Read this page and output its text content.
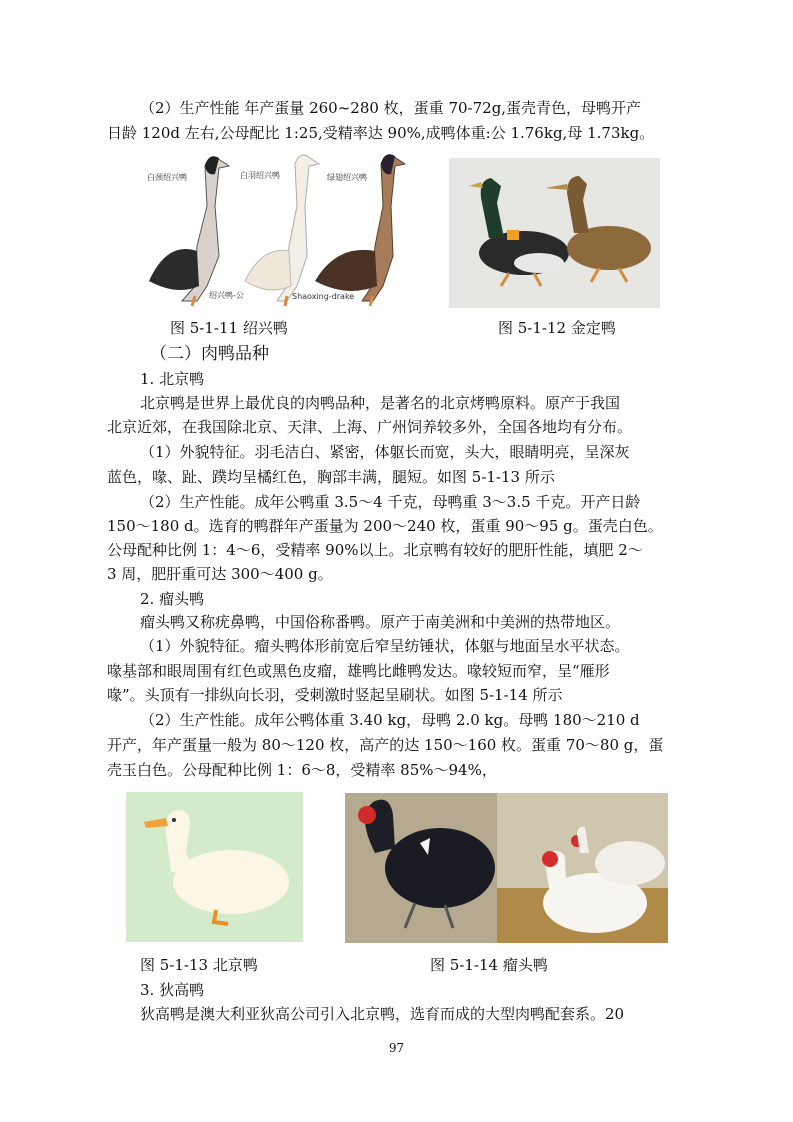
（2）生产性能 年产蛋量 260~280 枚，蛋重 70-72g,蛋壳青色，母鸭开产
日龄 120d 左右,公母配比 1:25,受精率达 90%,成鸭体重:公 1.76kg,母 1.73kg。
白颈绍兴鸭	白羽绍兴鸭	绿翅绍兴鸭
绍兴鸭-公	Shaoxing-drake
图 5-1-11 绍兴鸭	图 5-1-12 金定鸭
（二）肉鸭品种
1. 北京鸭
北京鸭是世界上最优良的肉鸭品种，是著名的北京烤鸭原料。原产于我国
北京近郊，在我国除北京、天津、上海、广州饲养较多外，全国各地均有分布。
（1）外貌特征。羽毛洁白、紧密，体躯长而宽，头大，眼睛明亮，呈深灰
蓝色，喙、趾、蹼均呈橘红色，胸部丰满，腿短。如图 5-1-13 所示
（2）生产性能。成年公鸭重 3.5～4 千克，母鸭重 3～3.5 千克。开产日龄
150～180 d。选育的鸭群年产蛋量为 200～240 枚，蛋重 90～95 g。蛋壳白色。
公母配种比例 1：4～6，受精率 90%以上。北京鸭有较好的肥肝性能，填肥 2～
3 周，肥肝重可达 300～400 g。
2. 瘤头鸭
瘤头鸭又称疣鼻鸭，中国俗称番鸭。原产于南美洲和中美洲的热带地区。
（1）外貌特征。瘤头鸭体形前宽后窄呈纺锤状，体躯与地面呈水平状态。
喙基部和眼周围有红色或黑色皮瘤，雄鸭比雌鸭发达。喙较短而窄，呈“雁形
喙”。头顶有一排纵向长羽，受刺激时竖起呈刷状。如图 5-1-14 所示
（2）生产性能。成年公鸭体重 3.40 kg，母鸭 2.0 kg。母鸭 180～210 d
开产，年产蛋量一般为 80～120 枚，高产的达 150～160 枚。蛋重 70～80 g，蛋
壳玉白色。公母配种比例 1：6～8，受精率 85%～94%，
图 5-1-13 北京鸭	图 5-1-14 瘤头鸭
3. 狄高鸭
狄高鸭是澳大利亚狄高公司引入北京鸭，选育而成的大型肉鸭配套系。20
97
